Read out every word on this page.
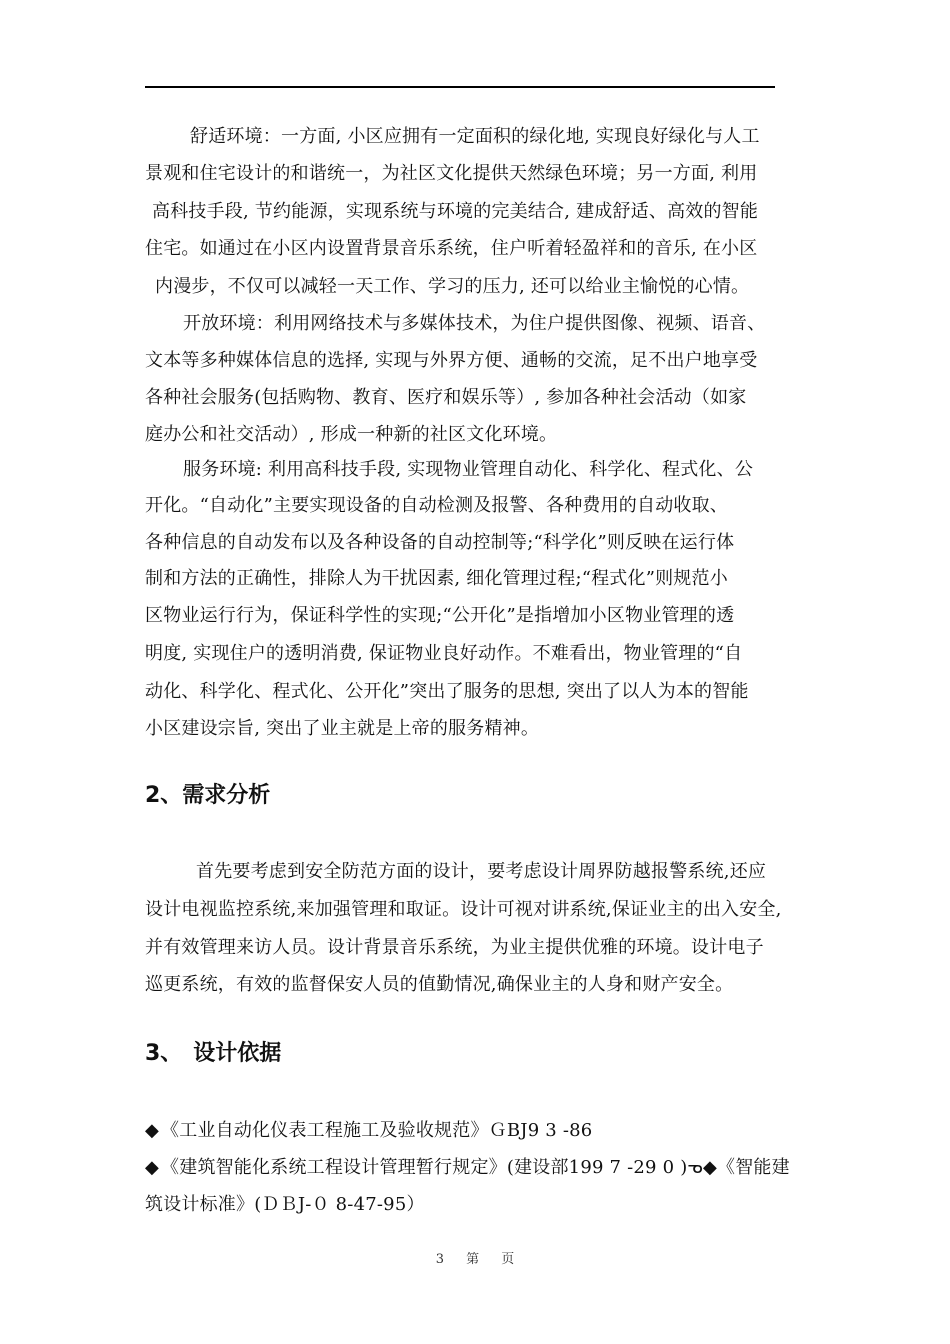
舒适环境：一方面, 小区应拥有一定面积的绿化地, 实现良好绿化与人工
景观和住宅设计的和谐统一，为社区文化提供天然绿色环境；另一方面, 利用
高科技手段, 节约能源，实现系统与环境的完美结合, 建成舒适、高效的智能
住宅。如通过在小区内设置背景音乐系统，住户听着轻盈祥和的音乐, 在小区
内漫步，不仅可以减轻一天工作、学习的压力, 还可以给业主愉悦的心情。
开放环境：利用网络技术与多媒体技术，为住户提供图像、视频、语音、
文本等多种媒体信息的选择, 实现与外界方便、通畅的交流，足不出户地享受
各种社会服务(包括购物、教育、医疗和娱乐等）, 参加各种社会活动（如家
庭办公和社交活动）, 形成一种新的社区文化环境。
服务环境: 利用高科技手段, 实现物业管理自动化、科学化、程式化、公
开化。“自动化”主要实现设备的自动检测及报警、各种费用的自动收取、
各种信息的自动发布以及各种设备的自动控制等;“科学化”则反映在运行体
制和方法的正确性，排除人为干扰因素, 细化管理过程;“程式化”则规范小
区物业运行行为，保证科学性的实现;“公开化”是指增加小区物业管理的透
明度, 实现住户的透明消费, 保证物业良好动作。不难看出，物业管理的“自
动化、科学化、程式化、公开化”突出了服务的思想, 突出了以人为本的智能
小区建设宗旨, 突出了业主就是上帝的服务精神。
2、需求分析
首先要考虑到安全防范方面的设计，要考虑设计周界防越报警系统,还应
设计电视监控系统,来加强管理和取证。设计可视对讲系统,保证业主的出入安全,
并有效管理来访人员。设计背景音乐系统，为业主提供优雅的环境。设计电子
巡更系统，有效的监督保安人员的值勤情况,确保业主的人身和财产安全。
3、　设计依据
◆ 《工业自动化仪表工程施工及验收规范》ＧBJ9 3 -86
◆ 《建筑智能化系统工程设计管理暂行规定》(建设部199 7 -29 0 )ᓀ◆《智能建
筑设计标准》(ＤＢJ-０ 8-47-95）
3 第 页
